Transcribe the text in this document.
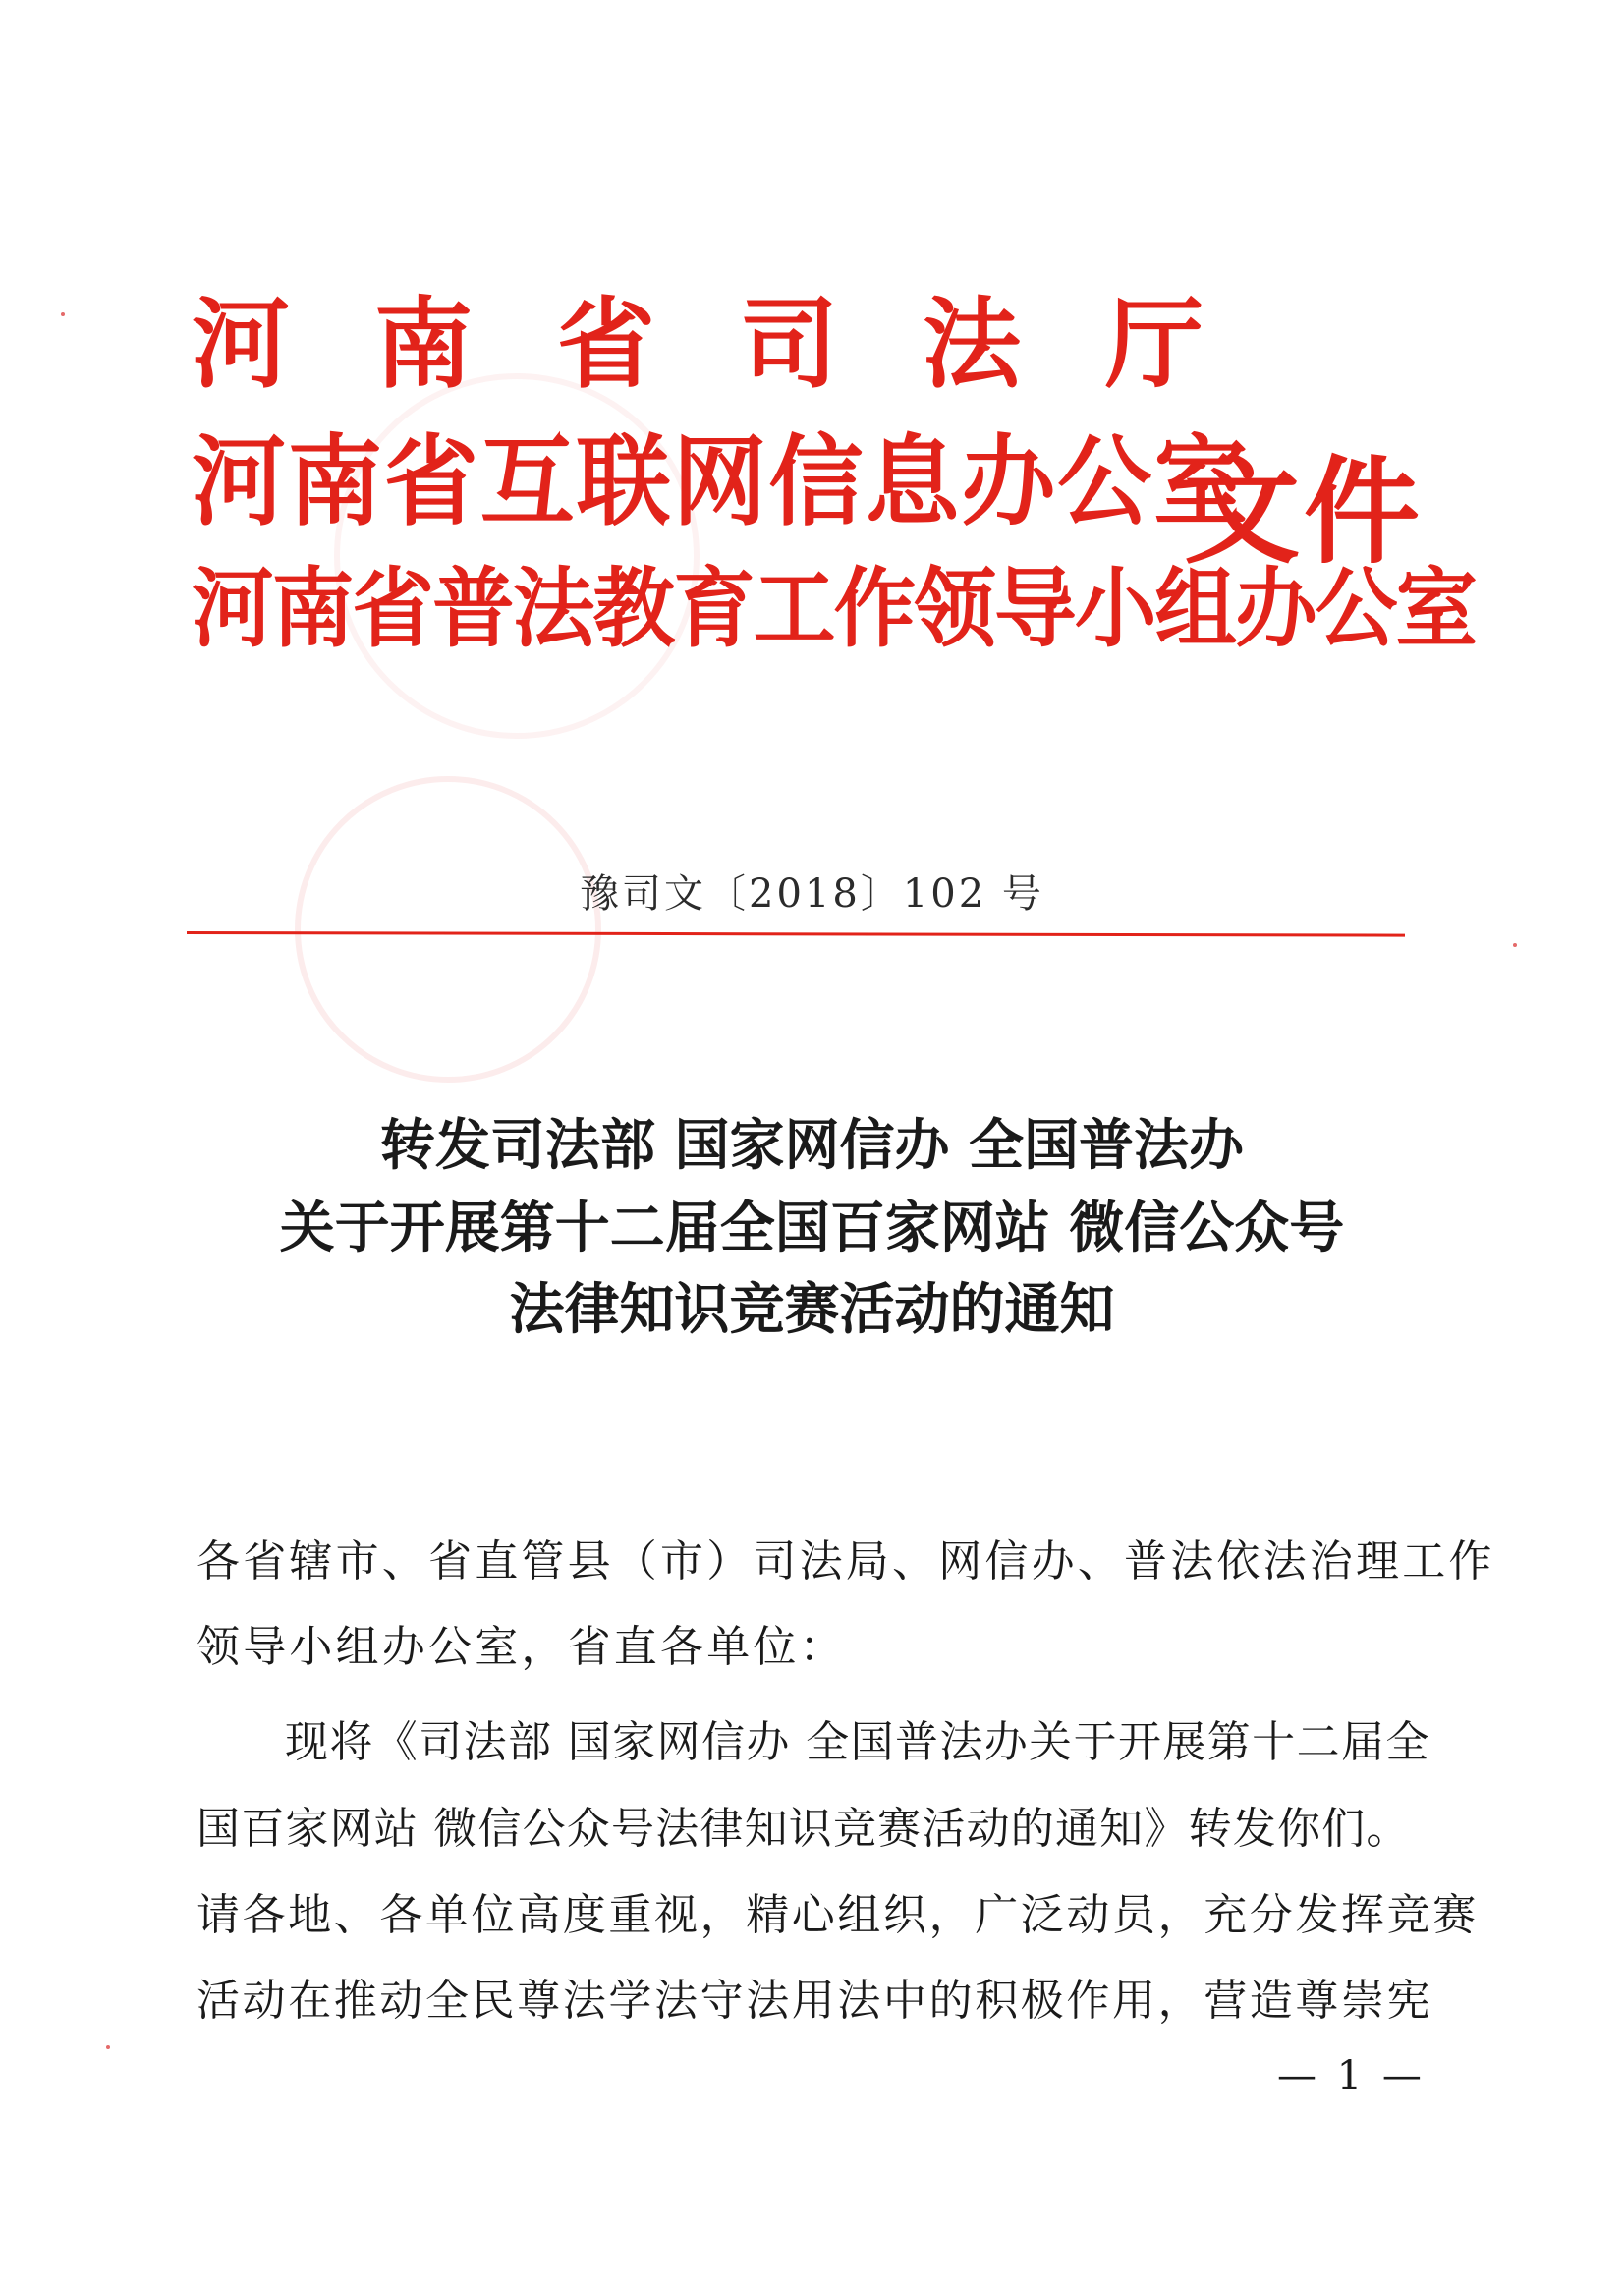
河南省司法厅
河南省互联网信息办公室
河南省普法教育工作领导小组办公室
文件
豫司文〔2018〕102 号
转发司法部 国家网信办 全国普法办
关于开展第十二届全国百家网站 微信公众号
法律知识竞赛活动的通知
各省辖市、省直管县（市）司法局、网信办、普法依法治理工作
领导小组办公室，省直各单位：
现将《司法部 国家网信办 全国普法办关于开展第十二届全
国百家网站 微信公众号法律知识竞赛活动的通知》转发你们。
请各地、各单位高度重视，精心组织，广泛动员，充分发挥竞赛
活动在推动全民尊法学法守法用法中的积极作用，营造尊崇宪
— 1 —
